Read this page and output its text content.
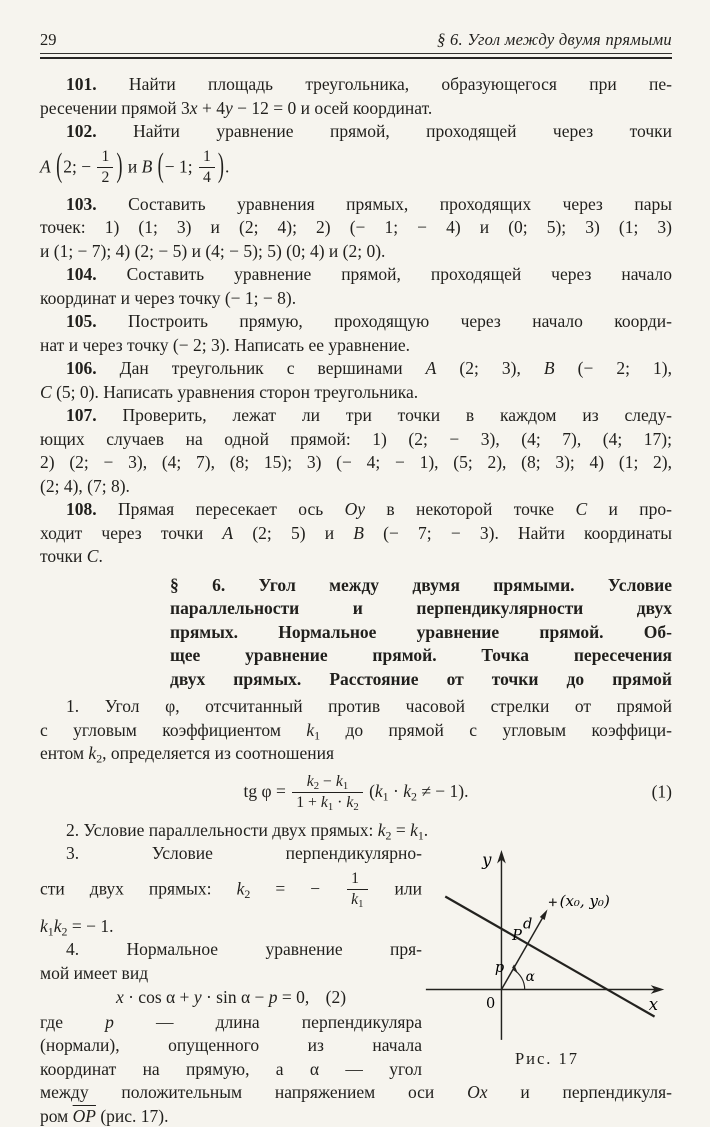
29	§ 6. Угол между двумя прямыми
101. Найти площадь треугольника, образующегося при пе-
ресечении прямой 3x + 4y − 12 = 0 и осей координат.
102. Найти уравнение прямой, проходящей через точки
A (2; − $\frac{1}{2}$ ) и B (− 1; $\frac{1}{4}$ ).
103. Составить уравнения прямых, проходящих через пары
точек: 1) (1; 3) и (2; 4); 2) (− 1; − 4) и (0; 5); 3) (1; 3)
и (1; − 7); 4) (2; − 5) и (4; − 5); 5) (0; 4) и (2; 0).
104. Составить уравнение прямой, проходящей через начало
координат и через точку (− 1; − 8).
105. Построить прямую, проходящую через начало коорди-
нат и через точку (− 2; 3). Написать ее уравнение.
106. Дан треугольник с вершинами A (2; 3), B (− 2; 1),
C (5; 0). Написать уравнения сторон треугольника.
107. Проверить, лежат ли три точки в каждом из следу-
ющих случаев на одной прямой: 1) (2; − 3), (4; 7), (4; 17);
2) (2; − 3), (4; 7), (8; 15); 3) (− 4; − 1), (5; 2), (8; 3); 4) (1; 2),
(2; 4), (7; 8).
108. Прямая пересекает ось Oy в некоторой точке C и про-
ходит через точки A (2; 5) и B (− 7; − 3). Найти координаты
точки C.
§ 6. Угол между двумя прямыми. Условие
параллельности и перпендикулярности двух
прямых. Нормальное уравнение прямой. Об-
щее уравнение прямой. Точка пересечения
двух прямых. Расстояние от точки до прямой
1. Угол φ, отсчитанный против часовой стрелки от прямой
с угловым коэффициентом $k_1$ до прямой с угловым коэффици-
ентом $k_2$, определяется из соотношения
tg $\varphi = \frac{k_2 - k_1}{1 + k_1 \cdot k_2} (k_1 \cdot k_2$ ≠ − 1).	(1)
2. Условие параллельности двух прямых: $k_2 = k_1$.
3. Условие перпендикулярно-
сти двух прямых: $k_2$ = − $\frac{1}{k_1}$ или
$k_1k_2$ = − 1.
4. Нормальное уравнение пря-
мой имеет вид
x · cos α + y · sin α − p = 0, (2)
где p — длина перпендикуляра
(нормали), опущенного из начала
координат на прямую, а α — угол
y
x
0
p
P
d
α
(x₀, y₀)
Рис. 17
между положительным напряжением оси Ox и перпендикуля-
ром $\overline{OP}$ (рис. 17).
